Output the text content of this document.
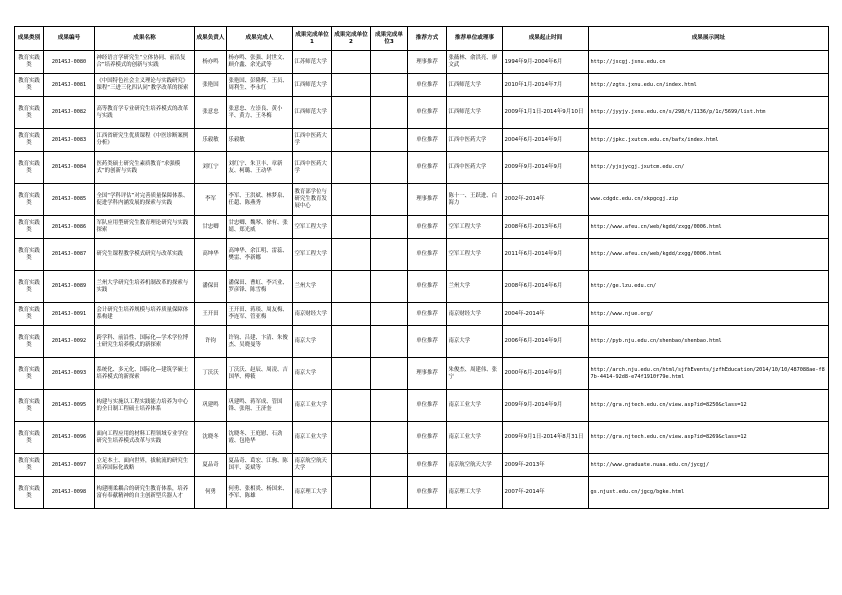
成果类别	成果编号	成果名称	成果负责人	成果完成人	成果完成单位1	成果完成单位2	成果完成单位3	推荐方式	推荐单位或理事	成果起止时间	成果展示网址
教育实践类	2014SJ-0080	神经语言学研究生“立体协同、前沿复合”培养模式的创新与实践	杨亦鸣	杨亦鸣、张强、封世文、顾介鑫、余光武等	江苏师范大学			理事推荐	张薇林、俞洪亮、廖文武	1994年9月-2004年6月	http://jscgj.jsnu.edu.cn
教育实践类	2014SJ-0081	《中国特色社会主义理论与实践研究》课程“三进三化四认同”教学改革的探索	张艳国	张艳国、彭隆辉、王员、周利生、李永红	江西师范大学			单位推荐	江西师范大学	2010年1月-2014年7月	http://zgts.jxnu.edu.cn/index.html
教育实践类	2014SJ-0082	高等教育学专业研究生培养模式的改革与实践	张意忠	张意忠、左崇良、黄小平、黄力、王冬梅	江西师范大学			单位推荐	江西师范大学	2009年1月1日-2014年9月10日	http://jyyjy.jxnu.edu.cn/s/298/t/1136/p/1c/5699/list.htm
教育实践类	2014SJ-0083	江西省研究生优质课程《中医诊断案例分析》	乐毅敏	乐毅敏	江西中医药大学			单位推荐	江西中医药大学	2004年6月-2014年9月	http://jpkc.jxutcm.edu.cn/bafx/index.html
教育实践类	2014SJ-0084	医药类硕士研究生素质教育“求强模式”的创新与实践	刘红宁	刘红宁、朱卫丰、章新友、柯璐、王动华	江西中医药大学			单位推荐	江西中医药大学	2009年9月-2014年9月	http://yjsjycgj.jxutcm.edu.cn/
教育实践类	2014SJ-0085	全国“学科评估”对完善质量保障体系、促进学科内涵发展的探索与实践	李军	李军、王洪斌、林梦泉、任超、陈燕秀	教育部学位与研究生教育发展中心			理事推荐	陈十一、王跃进、白海力	2002年-2014年	www.cdgdc.edu.cn/xkpgcgj.zip
教育实践类	2014SJ-0086	军队应用型研究生教育理论研究与实践探索	甘忠卿	甘忠卿、魏琴、徐有、张婧、郑光威	空军工程大学			单位推荐	空军工程大学	2008年6月-2013年6月	http://www.afeu.cn/web/kgdd/zxgg/0006.html
教育实践类	2014SJ-0087	研究生课程教学模式研究与改革实践	高坤华	高坤华、余江明、雷蕊、樊雷、李新娜	空军工程大学			单位推荐	空军工程大学	2011年6月-2014年9月	http://www.afeu.cn/web/kgdd/zxgg/0006.html
教育实践类	2014SJ-0089	兰州大学研究生培养机制改革的探索与实践	潘保田	潘保田、曹虹、李兴业、罗彦锋、陈雪梅	兰州大学			单位推荐	兰州大学	2008年6月-2014年6月	http://ge.lzu.edu.cn/
教育实践类	2014SJ-0091	会计研究生培养规模与培养质量保障体系构建	王开田	王开田、蒋琰、周友梅、李连军、管亚梅	南京财经大学			单位推荐	南京财经大学	2004年-2014年	http://www.njue.org/
教育实践类	2014SJ-0092	跨学科、前沿性、国际化—学术学位博士研究生培养模式的新探索	许钧	许钧、吕建、卞清、朱俊杰、吴晓曼等	南京大学			单位推荐	南京大学	2006年6月-2014年9月	http://pyb.nju.edu.cn/shenbao/shenbao.html
教育实践类	2014SJ-0093	系统化、多元化、国际化—建筑学硕士培养模式的新探索	丁沃沃	丁沃沃、赵辰、周凌、吉国华、傅筱	南京大学			理事推荐	朱俊杰、周建伟、张宁	2000年6月-2014年9月	http://arch.nju.edu.cn/html/sjfhEvents/jzfhEducation/2014/10/10/487088ae-f87b-4414-92d8-e74f1910f79e.html
教育实践类	2014SJ-0095	构建与实施以工程实践能力培养为中心的全日制工程硕士培养体系	巩建鸣	巩建鸣、蒋军成、管国锋、张翔、王济奎	南京工业大学			单位推荐	南京工业大学	2009年9月-2014年9月	http://gra.njtech.edu.cn/view.asp?id=8250&class=12
教育实践类	2014SJ-0096	面向工程应用的材料工程领域专业学位研究生培养模式改革与实践	沈晓冬	沈晓冬、王庭慰、石劲霞、包艳华	南京工业大学			单位推荐	南京工业大学	2009年9月1日-2014年8月31日	http://gra.njtech.edu.cn/view.asp?id=8269&class=12
教育实践类	2014SJ-0097	立足本土、面向世界，拔航流的研究生培养国际化战略	夏品奇	夏品奇、葛宏、江驹、陈国平、姜斌等	南京航空航天大学			单位推荐	南京航空航天大学	2009年-2013年	http://www.graduate.nuaa.edu.cn/jycgj/
教育实践类	2014SJ-0098	构建刚柔耦合的研究生教育体系，培养富有奉献精神的自主创新型兵器人才	何勇	何勇、张相炎、杨国来、李军、陈雄	南京理工大学			单位推荐	南京理工大学	2007年-2014年	gs.njust.edu.cn/jgcg/bgke.html
